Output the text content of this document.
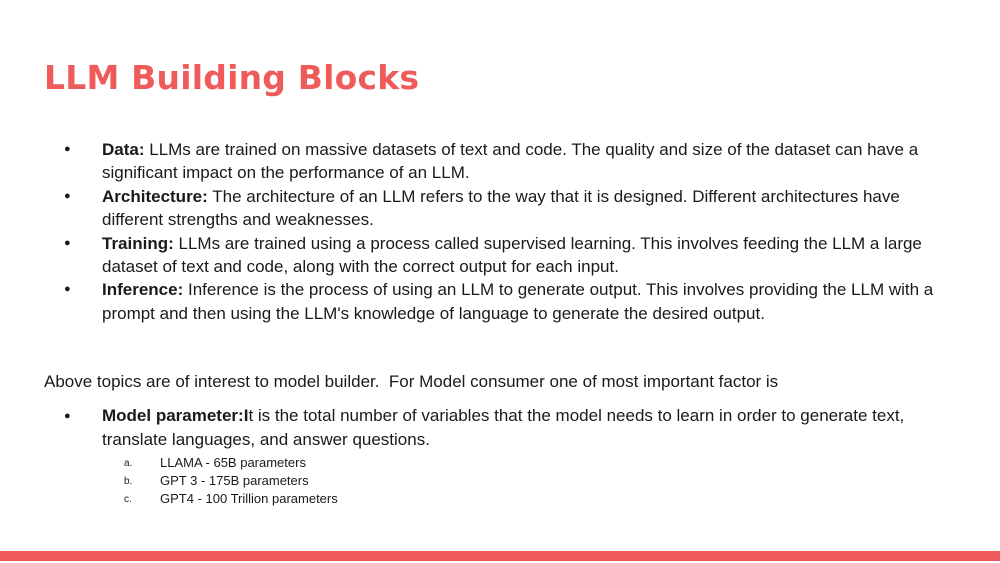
LLM Building Blocks
● Data: LLMs are trained on massive datasets of text and code. The quality and size of the dataset can have a significant impact on the performance of an LLM.
● Architecture: The architecture of an LLM refers to the way that it is designed. Different architectures have different strengths and weaknesses.
● Training: LLMs are trained using a process called supervised learning. This involves feeding the LLM a large dataset of text and code, along with the correct output for each input.
● Inference: Inference is the process of using an LLM to generate output. This involves providing the LLM with a prompt and then using the LLM's knowledge of language to generate the desired output.

Above topics are of interest to model builder.  For Model consumer one of most important factor is

● Model parameter:It is the total number of variables that the model needs to learn in order to generate text, translate languages, and answer questions.
a. LLAMA - 65B parameters
b. GPT 3 - 175B parameters
c. GPT4 - 100 Trillion parameters
